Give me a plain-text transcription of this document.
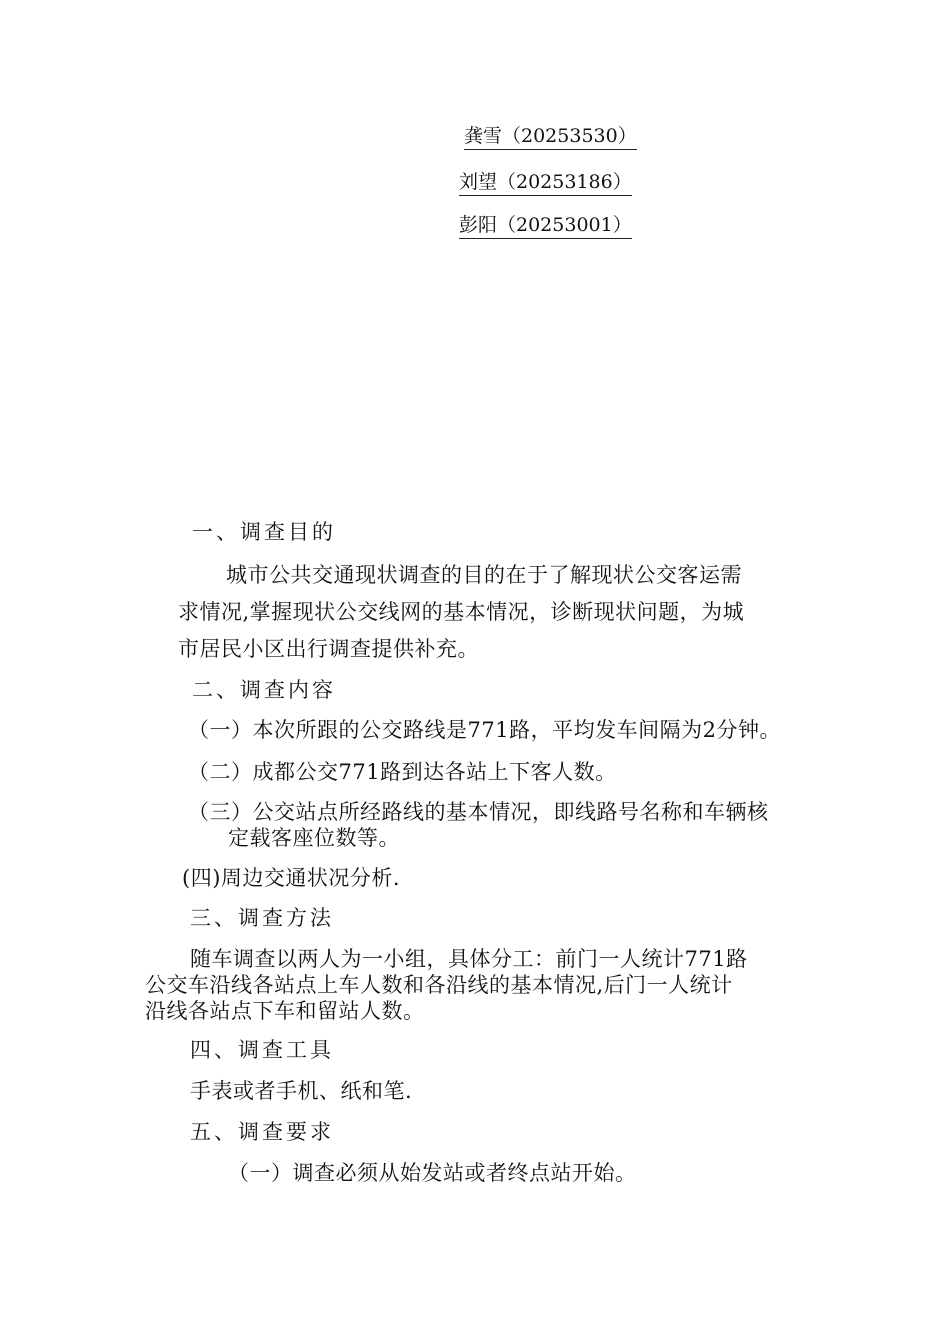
龚雪（20253530）
刘望（20253186）
彭阳（20253001）
一、调查目的
城市公共交通现状调查的目的在于了解现状公交客运需
求情况,掌握现状公交线网的基本情况，诊断现状问题，为城
市居民小区出行调查提供补充。
二、调查内容
（一）本次所跟的公交路线是771路，平均发车间隔为2分钟。
（二）成都公交771路到达各站上下客人数。
（三）公交站点所经路线的基本情况，即线路号名称和车辆核
定载客座位数等。
(四)周边交通状况分析.
三、调查方法
随车调查以两人为一小组，具体分工：前门一人统计771路
公交车沿线各站点上车人数和各沿线的基本情况,后门一人统计
沿线各站点下车和留站人数。
四、调查工具
手表或者手机、纸和笔.
五、调查要求
（一）调查必须从始发站或者终点站开始。
